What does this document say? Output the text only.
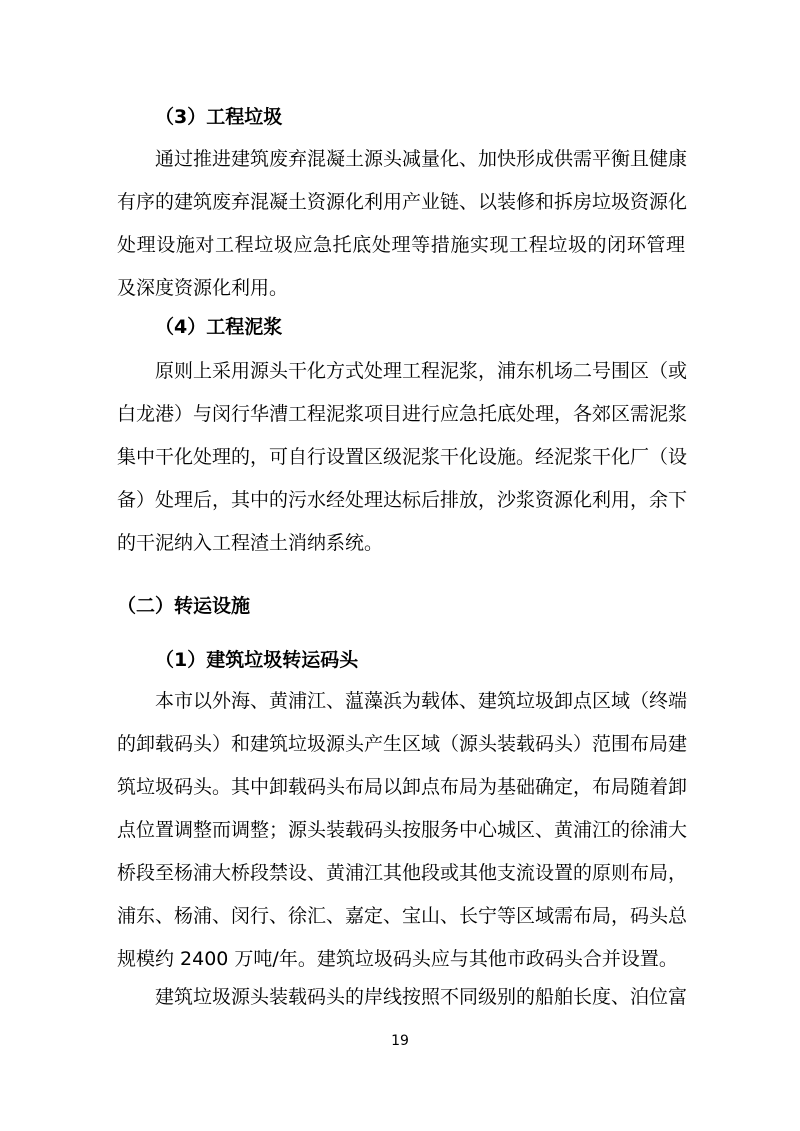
（3）工程垃圾

通过推进建筑废弃混凝土源头减量化、加快形成供需平衡且健康
有序的建筑废弃混凝土资源化利用产业链、以装修和拆房垃圾资源化
处理设施对工程垃圾应急托底处理等措施实现工程垃圾的闭环管理
及深度资源化利用。

（4）工程泥浆

原则上采用源头干化方式处理工程泥浆，浦东机场二号围区（或
白龙港）与闵行华漕工程泥浆项目进行应急托底处理，各郊区需泥浆
集中干化处理的，可自行设置区级泥浆干化设施。经泥浆干化厂（设
备）处理后，其中的污水经处理达标后排放，沙浆资源化利用，余下
的干泥纳入工程渣土消纳系统。

（二）转运设施

（1）建筑垃圾转运码头

本市以外海、黄浦江、蕰藻浜为载体、建筑垃圾卸点区域（终端
的卸载码头）和建筑垃圾源头产生区域（源头装载码头）范围布局建
筑垃圾码头。其中卸载码头布局以卸点布局为基础确定，布局随着卸
点位置调整而调整；源头装载码头按服务中心城区、黄浦江的徐浦大
桥段至杨浦大桥段禁设、黄浦江其他段或其他支流设置的原则布局，
浦东、杨浦、闵行、徐汇、嘉定、宝山、长宁等区域需布局，码头总
规模约 2400 万吨/年。建筑垃圾码头应与其他市政码头合并设置。
建筑垃圾源头装载码头的岸线按照不同级别的船舶长度、泊位富
19
